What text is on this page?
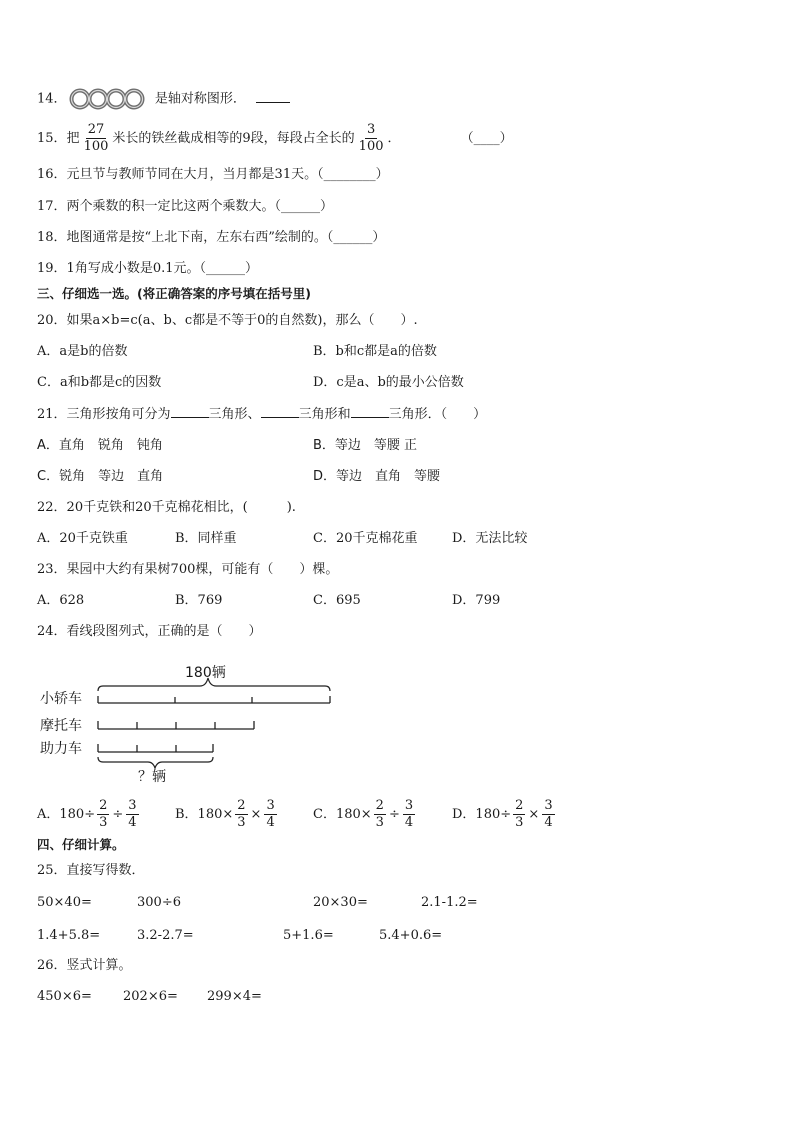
14．	是轴对称图形．
15．把 $\frac{27}{100}$ 米长的铁丝截成相等的9段，每段占全长的 $\frac{3}{100}$ ．	（____）
16．元旦节与教师节同在大月，当月都是31天。（________）
17．两个乘数的积一定比这两个乘数大。（______）
18．地图通常是按“上北下南，左东右西”绘制的。（______）
19．1角写成小数是0.1元。（______）
三、仔细选一选。(将正确答案的序号填在括号里)
20．如果a×b=c(a、b、c都是不等于0的自然数)，那么（　　）.
A．a是b的倍数	B．b和c都是a的倍数
C．a和b都是c的因数	D．c是a、b的最小公倍数
21．三角形按角可分为	三角形、	三角形和	三角形．（　　）
A．直角　锐角　钝角	B．等边　等腰 正
C．锐角　等边　直角	D．等边　直角　等腰
22．20千克铁和20千克棉花相比，(　　　).
A．20千克铁重	B．同样重	C．20千克棉花重	D．无法比较
23．果园中大约有果树700棵，可能有（　　）棵。
A．628	B．769	C．695	D．799
24．看线段图列式，正确的是（　　）
180辆
小轿车
摩托车
助力车
？辆
A．$180\div \frac{2}{3} \div \frac{3}{4}$	B．$180\times \frac{2}{3} \times \frac{3}{4}$	C．$180\times \frac{2}{3} \div \frac{3}{4}$	D．$180\div \frac{2}{3} \times \frac{3}{4}$
四、仔细计算。
25．直接写得数．
50×40=	300÷6	20×30=	2.1-1.2=
1.4+5.8=	3.2-2.7=	5+1.6=	5.4+0.6=
26．竖式计算。
450×6= 202×6= 299×4=
